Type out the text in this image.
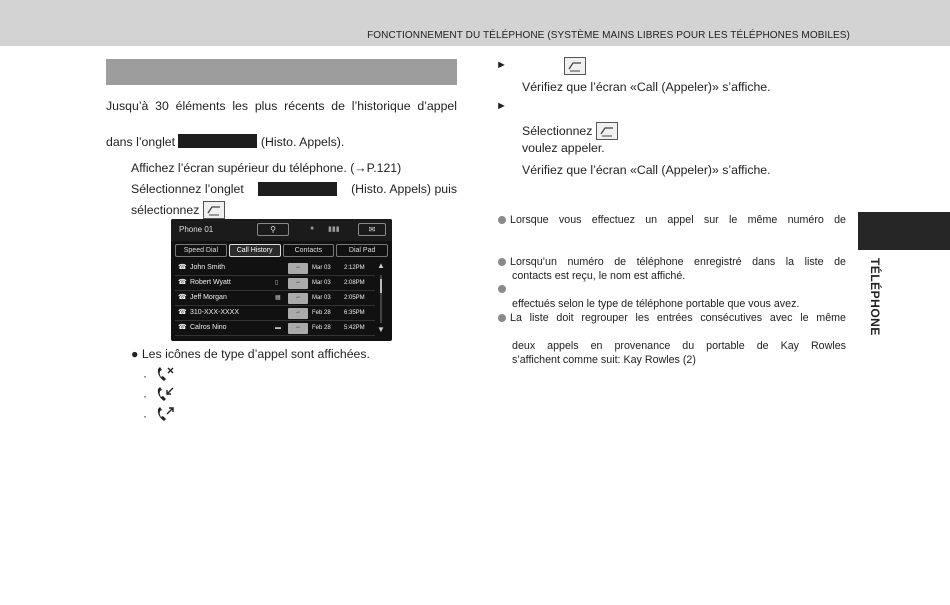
FONCTIONNEMENT DU TÉLÉPHONE (SYSTÈME MAINS LIBRES POUR LES TÉLÉPHONES MOBILES)
TÉLÉPHONE
Jusqu’à 30 éléments les plus récents de l’historique d’appel
dans l’onglet	(Histo. Appels).
Affichez l’écran supérieur du téléphone. (→P.121)
Sélectionnez l’onglet	(Histo. Appels) puis
sélectionnez
Phone 01	⚲	● ▮▮▮	✉
Speed Dial	Call History	Contacts	Dial Pad
☎ John Smith	∽	Mar 03 2:12PM
☎ Robert Wyatt	▯	∽	Mar 03 2:08PM
☎ Jeff Morgan	▦	∽	Mar 03 2:05PM
☎ 310-XXX-XXXX	∽	Feb 28 6:35PM
☎ Calros Nino	▬	∽	Feb 28 5:42PM
▲
▼
● Les icônes de type d’appel sont affichées.
·
·
·
►
Vérifiez que l’écran «Call (Appeler)» s’affiche.
►
Sélectionnez
voulez appeler.
Vérifiez que l’écran «Call (Appeler)» s’affiche.
Lorsque vous effectuez un appel sur le même numéro de
Lorsqu’un numéro de téléphone enregistré dans la liste de
contacts est reçu, le nom est affiché.
effectués selon le type de téléphone portable que vous avez.
La liste doit regrouper les entrées consécutives avec le même
deux appels en provenance du portable de Kay Rowles
s’affichent comme suit: Kay Rowles (2)
